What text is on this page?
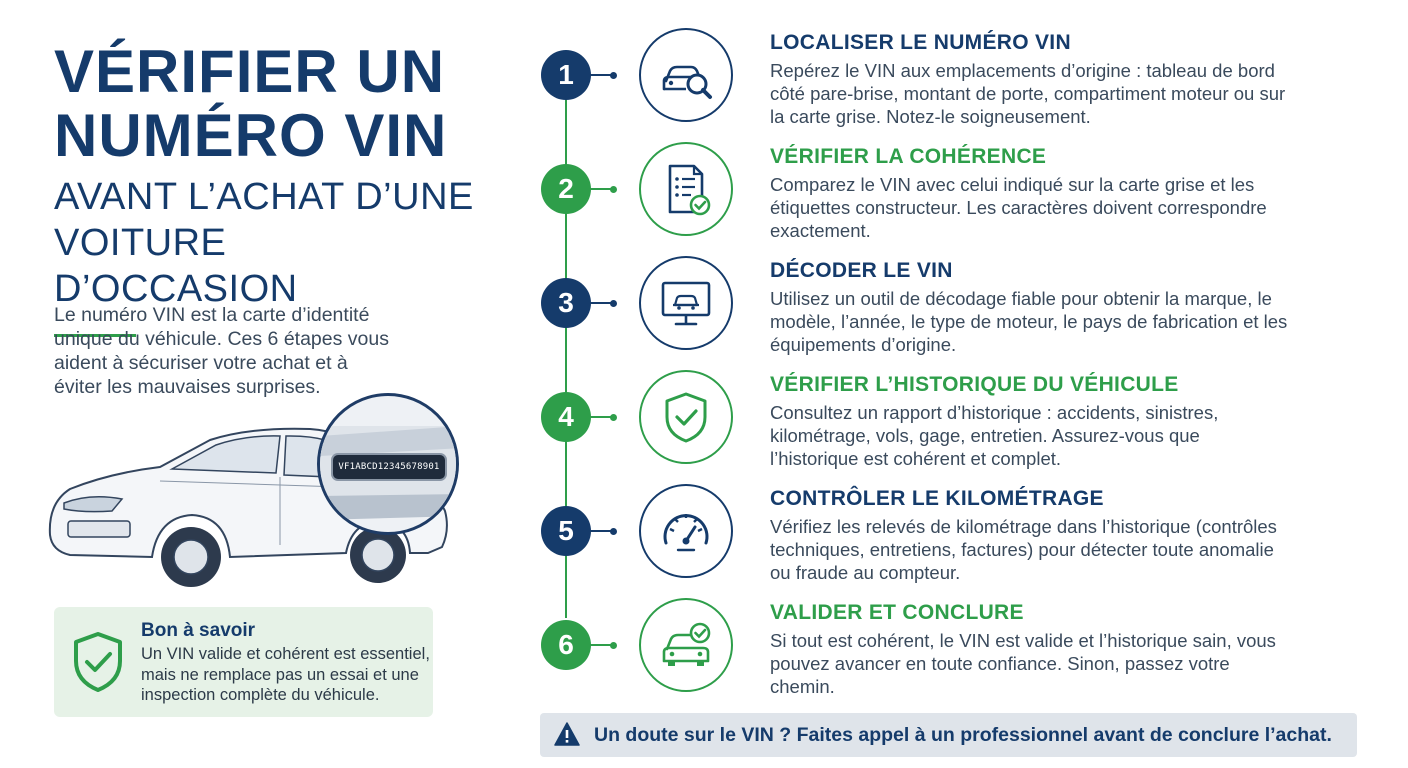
VÉRIFIER UN
NUMÉRO VIN
AVANT L’ACHAT D’UNE
VOITURE D’OCCASION
Le numéro VIN est la carte d’identité unique du véhicule. Ces 6 étapes vous aident à sécuriser votre achat et à éviter les mauvaises surprises.
VF1ABCD12345678901
Bon à savoir
Un VIN valide et cohérent est essentiel, mais ne remplace pas un essai et une inspection complète du véhicule.
1
LOCALISER LE NUMÉRO VIN
Repérez le VIN aux emplacements d’origine : tableau de bord côté pare-brise, montant de porte, compartiment moteur ou sur la carte grise. Notez-le soigneusement.
2
VÉRIFIER LA COHÉRENCE
Comparez le VIN avec celui indiqué sur la carte grise et les étiquettes constructeur. Les caractères doivent correspondre exactement.
3
DÉCODER LE VIN
Utilisez un outil de décodage fiable pour obtenir la marque, le modèle, l’année, le type de moteur, le pays de fabrication et les équipements d’origine.
4
VÉRIFIER L’HISTORIQUE DU VÉHICULE
Consultez un rapport d’historique : accidents, sinistres, kilométrage, vols, gage, entretien. Assurez-vous que l’historique est cohérent et complet.
5
CONTRÔLER LE KILOMÉTRAGE
Vérifiez les relevés de kilométrage dans l’historique (contrôles techniques, entretiens, factures) pour détecter toute anomalie ou fraude au compteur.
6
VALIDER ET CONCLURE
Si tout est cohérent, le VIN est valide et l’historique sain, vous pouvez avancer en toute confiance. Sinon, passez votre chemin.
Un doute sur le VIN ? Faites appel à un professionnel avant de conclure l’achat.
